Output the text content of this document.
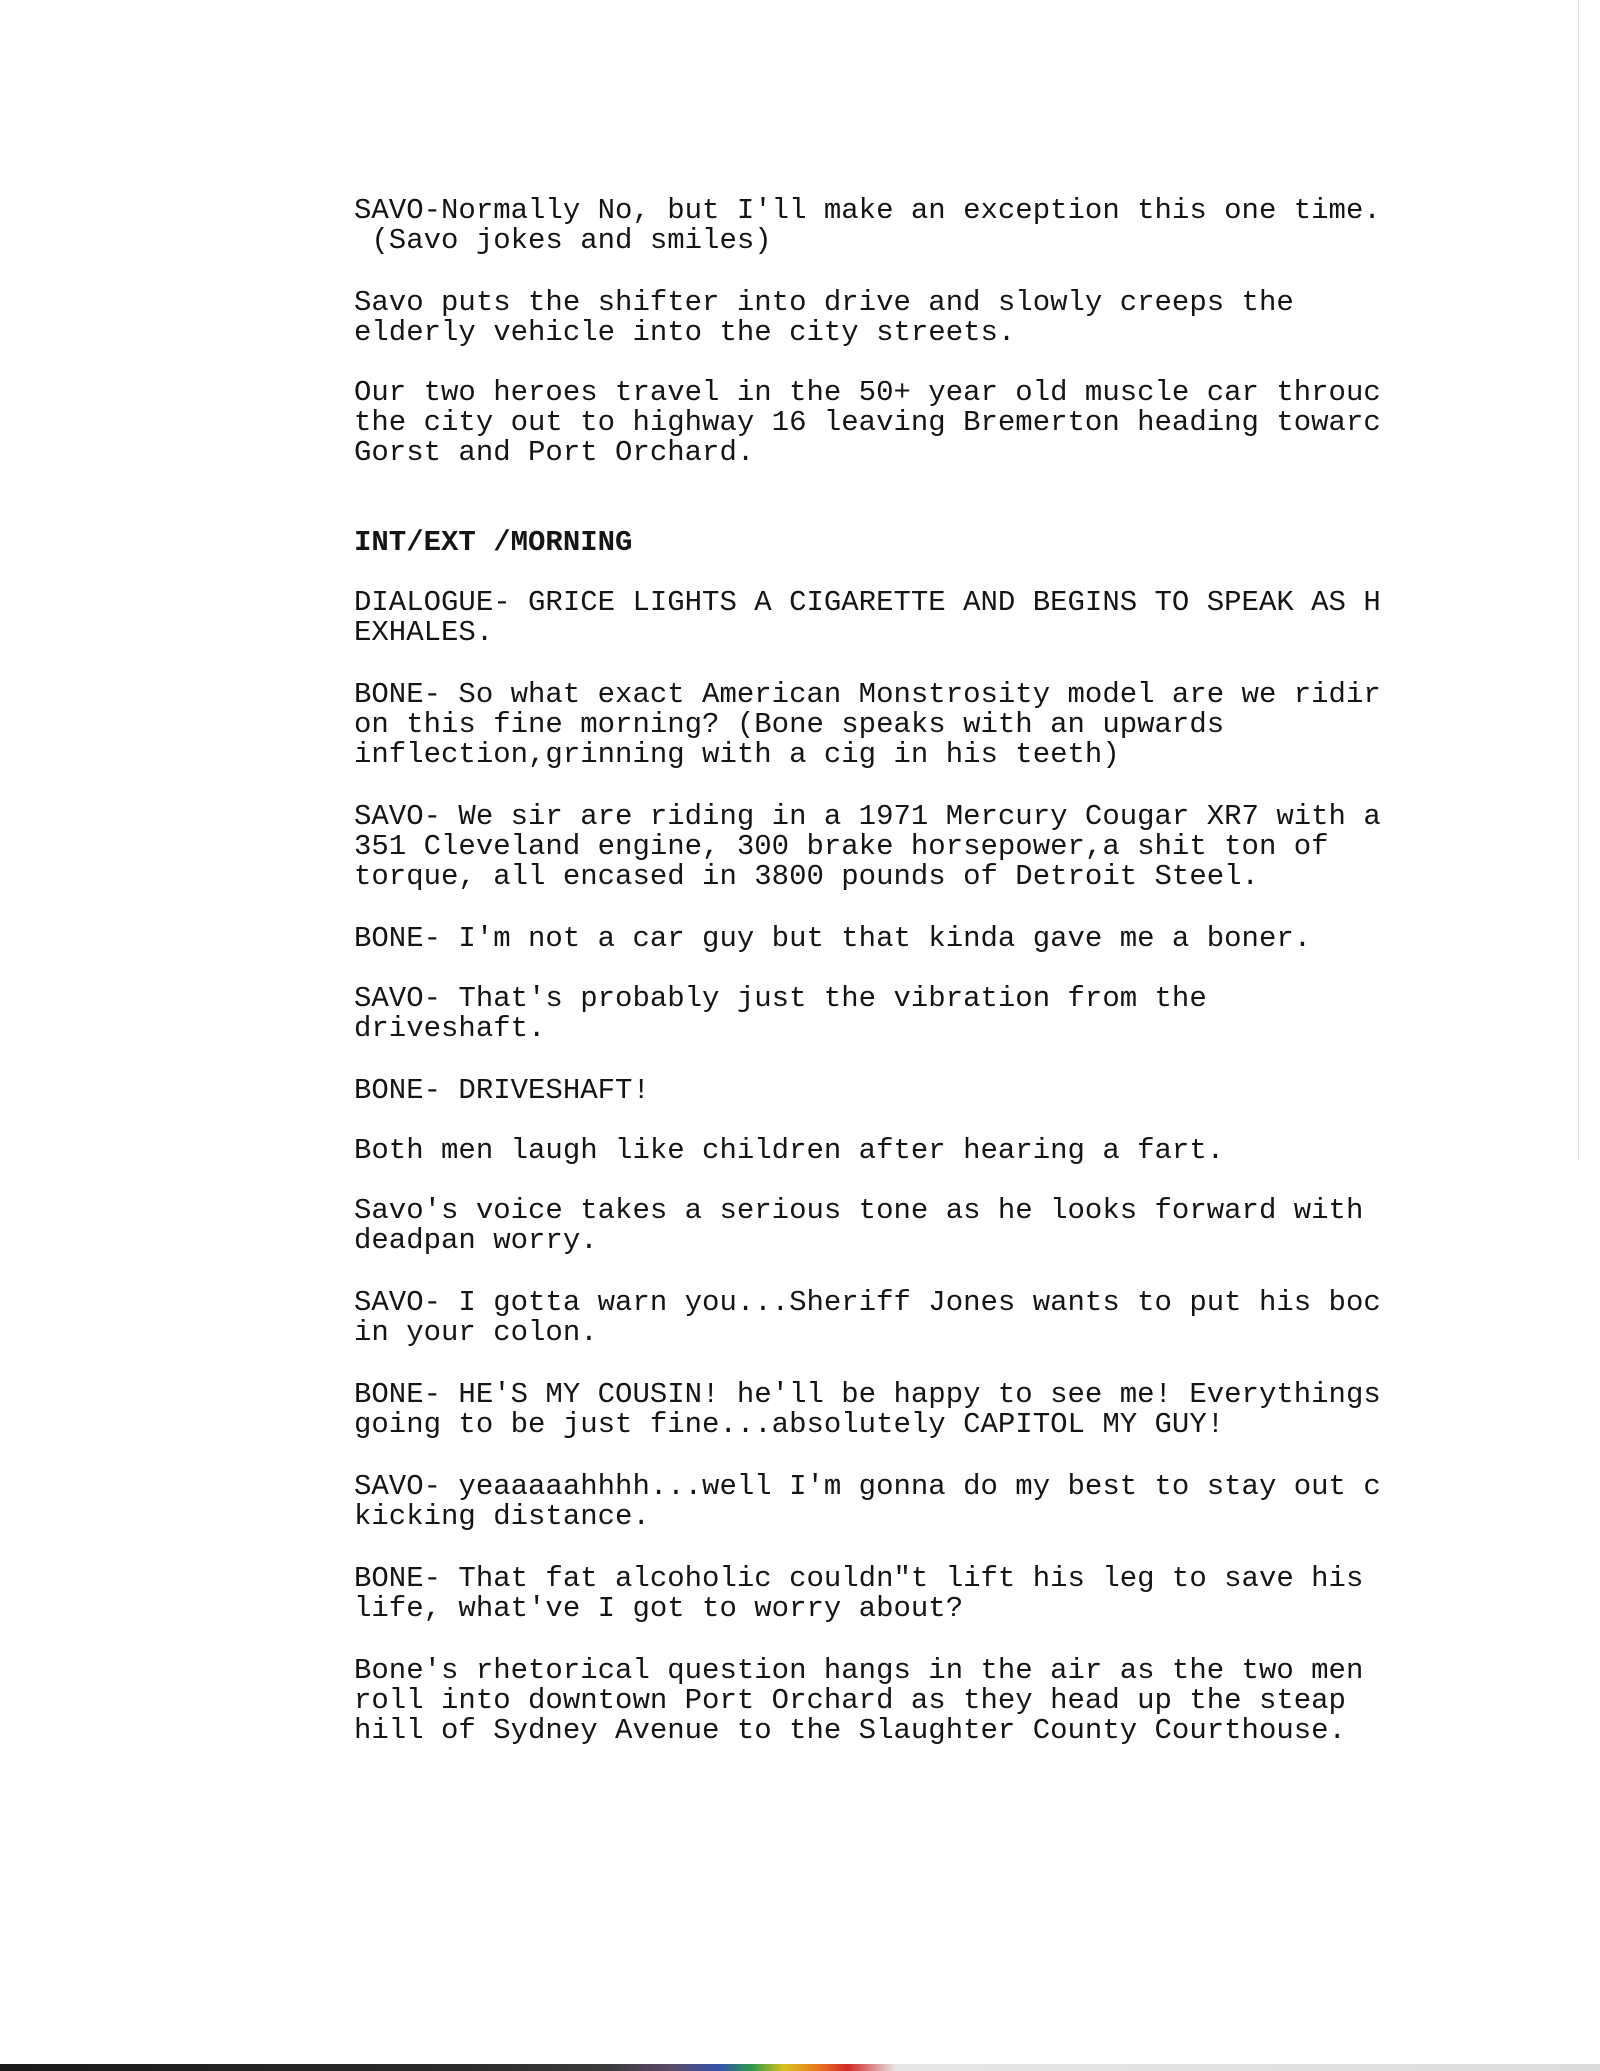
SAVO-Normally No, but I'll make an exception this one time.
(Savo jokes and smiles)
Savo puts the shifter into drive and slowly creeps the
elderly vehicle into the city streets.
Our two heroes travel in the 50+ year old muscle car throuc
the city out to highway 16 leaving Bremerton heading towarc
Gorst and Port Orchard.
INT/EXT /MORNING
DIALOGUE- GRICE LIGHTS A CIGARETTE AND BEGINS TO SPEAK AS H
EXHALES.
BONE- So what exact American Monstrosity model are we ridir
on this fine morning? (Bone speaks with an upwards
inflection,grinning with a cig in his teeth)
SAVO- We sir are riding in a 1971 Mercury Cougar XR7 with a
351 Cleveland engine, 300 brake horsepower,a shit ton of
torque, all encased in 3800 pounds of Detroit Steel.
BONE- I'm not a car guy but that kinda gave me a boner.
SAVO- That's probably just the vibration from the
driveshaft.
BONE- DRIVESHAFT!
Both men laugh like children after hearing a fart.
Savo's voice takes a serious tone as he looks forward with
deadpan worry.
SAVO- I gotta warn you...Sheriff Jones wants to put his boc
in your colon.
BONE- HE'S MY COUSIN! he'll be happy to see me! Everythings
going to be just fine...absolutely CAPITOL MY GUY!
SAVO- yeaaaaahhhh...well I'm gonna do my best to stay out c
kicking distance.
BONE- That fat alcoholic couldn"t lift his leg to save his
life, what've I got to worry about?
Bone's rhetorical question hangs in the air as the two men
roll into downtown Port Orchard as they head up the steap
hill of Sydney Avenue to the Slaughter County Courthouse.
